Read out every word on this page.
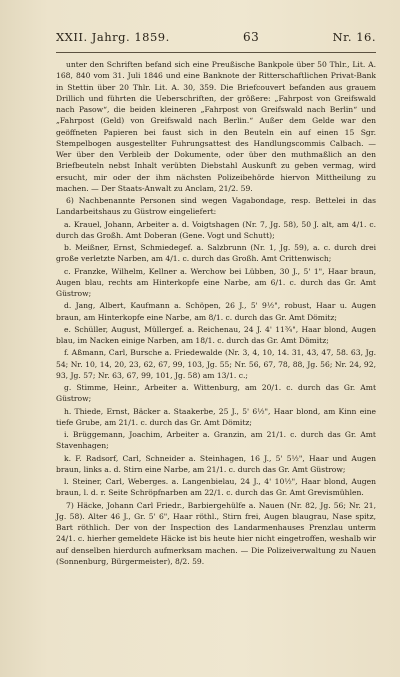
XXII. Jahrg. 1859.	63	Nr. 16.

unter den Schriften befand sich eine Preußische Bankpole über 50 Thlr., Lit. A. 168, 840 vom 31. Juli 1846 und eine Banknote der Ritterschaftlichen Privat-Bank in Stettin über 20 Thlr. Lit. A. 30, 359. Die Briefcouvert befanden aus grauem Drillich und führten die Ueberschriften, der größere: „Fahrpost von Greifswald nach Pasow“, die beiden kleineren „Fahrpost von Greifswald nach Berlin“ und „Fahrpost (Geld) von Greifswald nach Berlin.“ Außer dem Gelde war den geöffneten Papieren bei faust sich in den Beuteln ein auf einen 15 Sgr. Stempelbogen ausgestellter Fuhrungsattest des Handlungscommis Calbach. — Wer über den Verbleib der Dokumente, oder über den muthmaßlich an den Briefbeuteln nebst Inhalt verübten Diebstahl Auskunft zu geben vermag, wird ersucht, mir oder der ihm nächsten Polizeibehörde hiervon Mittheilung zu machen. — Der Staats-Anwalt zu Anclam, 21/2. 59.

6) Nachbenannte Personen sind wegen Vagabondage, resp. Bettelei in das Landarbeitshaus zu Güstrow eingeliefert:

a. Krauel, Johann, Arbeiter a. d. Voigtshagen (Nr. 7, Jg. 58), 50 J. alt, am 4/1. c. durch das Großh. Amt Doberan (Gene. Vogt und Schutt);

b. Meißner, Ernst, Schmiedegef. a. Salzbrunn (Nr. 1, Jg. 59), a. c. durch drei große verletzte Narben, am 4/1. c. durch das Großh. Amt Crittenwisch;

c. Franzke, Wilhelm, Kellner a. Werchow bei Lübben, 30 J., 5' 1", Haar braun, Augen blau, rechts am Hinterkopfe eine Narbe, am 6/1. c. durch das Gr. Amt Güstrow;

d. Jang, Albert, Kaufmann a. Schöpen, 26 J., 5' 9½", robust, Haar u. Augen braun, am Hinterkopfe eine Narbe, am 8/1. c. durch das Gr. Amt Dömitz;

e. Schüller, August, Müllergef. a. Reichenau, 24 J. 4' 11¾", Haar blond, Augen blau, im Nacken einige Narben, am 18/1. c. durch das Gr. Amt Dömitz;

f. Aßmann, Carl, Bursche a. Friedewalde (Nr. 3, 4, 10, 14. 31, 43, 47, 58. 63, Jg. 54; Nr. 10, 14, 20, 23, 62, 67, 99, 103, Jg. 55; Nr. 56, 67, 78, 88, Jg. 56; Nr. 24, 92, 93, Jg. 57; Nr. 63, 67, 99, 101, Jg. 58) am 13/1. c.;

g. Stimme, Heinr., Arbeiter a. Wittenburg, am 20/1. c. durch das Gr. Amt Güstrow;

h. Thiede, Ernst, Bäcker a. Staakerbe, 25 J., 5' 6½", Haar blond, am Kinn eine tiefe Grube, am 21/1. c. durch das Gr. Amt Dömitz;

i. Brüggemann, Joachim, Arbeiter a. Granzin, am 21/1. c. durch das Gr. Amt Stavenhagen;

k. F. Radsorf, Carl, Schneider a. Steinhagen, 16 J., 5' 5½", Haar und Augen braun, links a. d. Stirn eine Narbe, am 21/1. c. durch das Gr. Amt Güstrow;

l. Steiner, Carl, Weberges. a. Langenbielau, 24 J., 4' 10½", Haar blond, Augen braun, l. d. r. Seite Schröpfnarben am 22/1. c. durch das Gr. Amt Grevismühlen.

7) Häcke, Johann Carl Friedr., Barbiergehülfe a. Nauen (Nr. 82, Jg. 56; Nr. 21, Jg. 58). Alter 46 J., Gr. 5' 6", Haar röthl., Stirn frei, Augen blaugrau, Nase spitz, Bart röthlich. Der von der Inspection des Landarmenhauses Prenzlau unterm 24/1. c. hierher gemeldete Häcke ist bis heute hier nicht eingetroffen, weshalb wir auf denselben hierdurch aufmerksam machen. — Die Polizeiverwaltung zu Nauen (Sonnenburg, Bürgermeister), 8/2. 59.
